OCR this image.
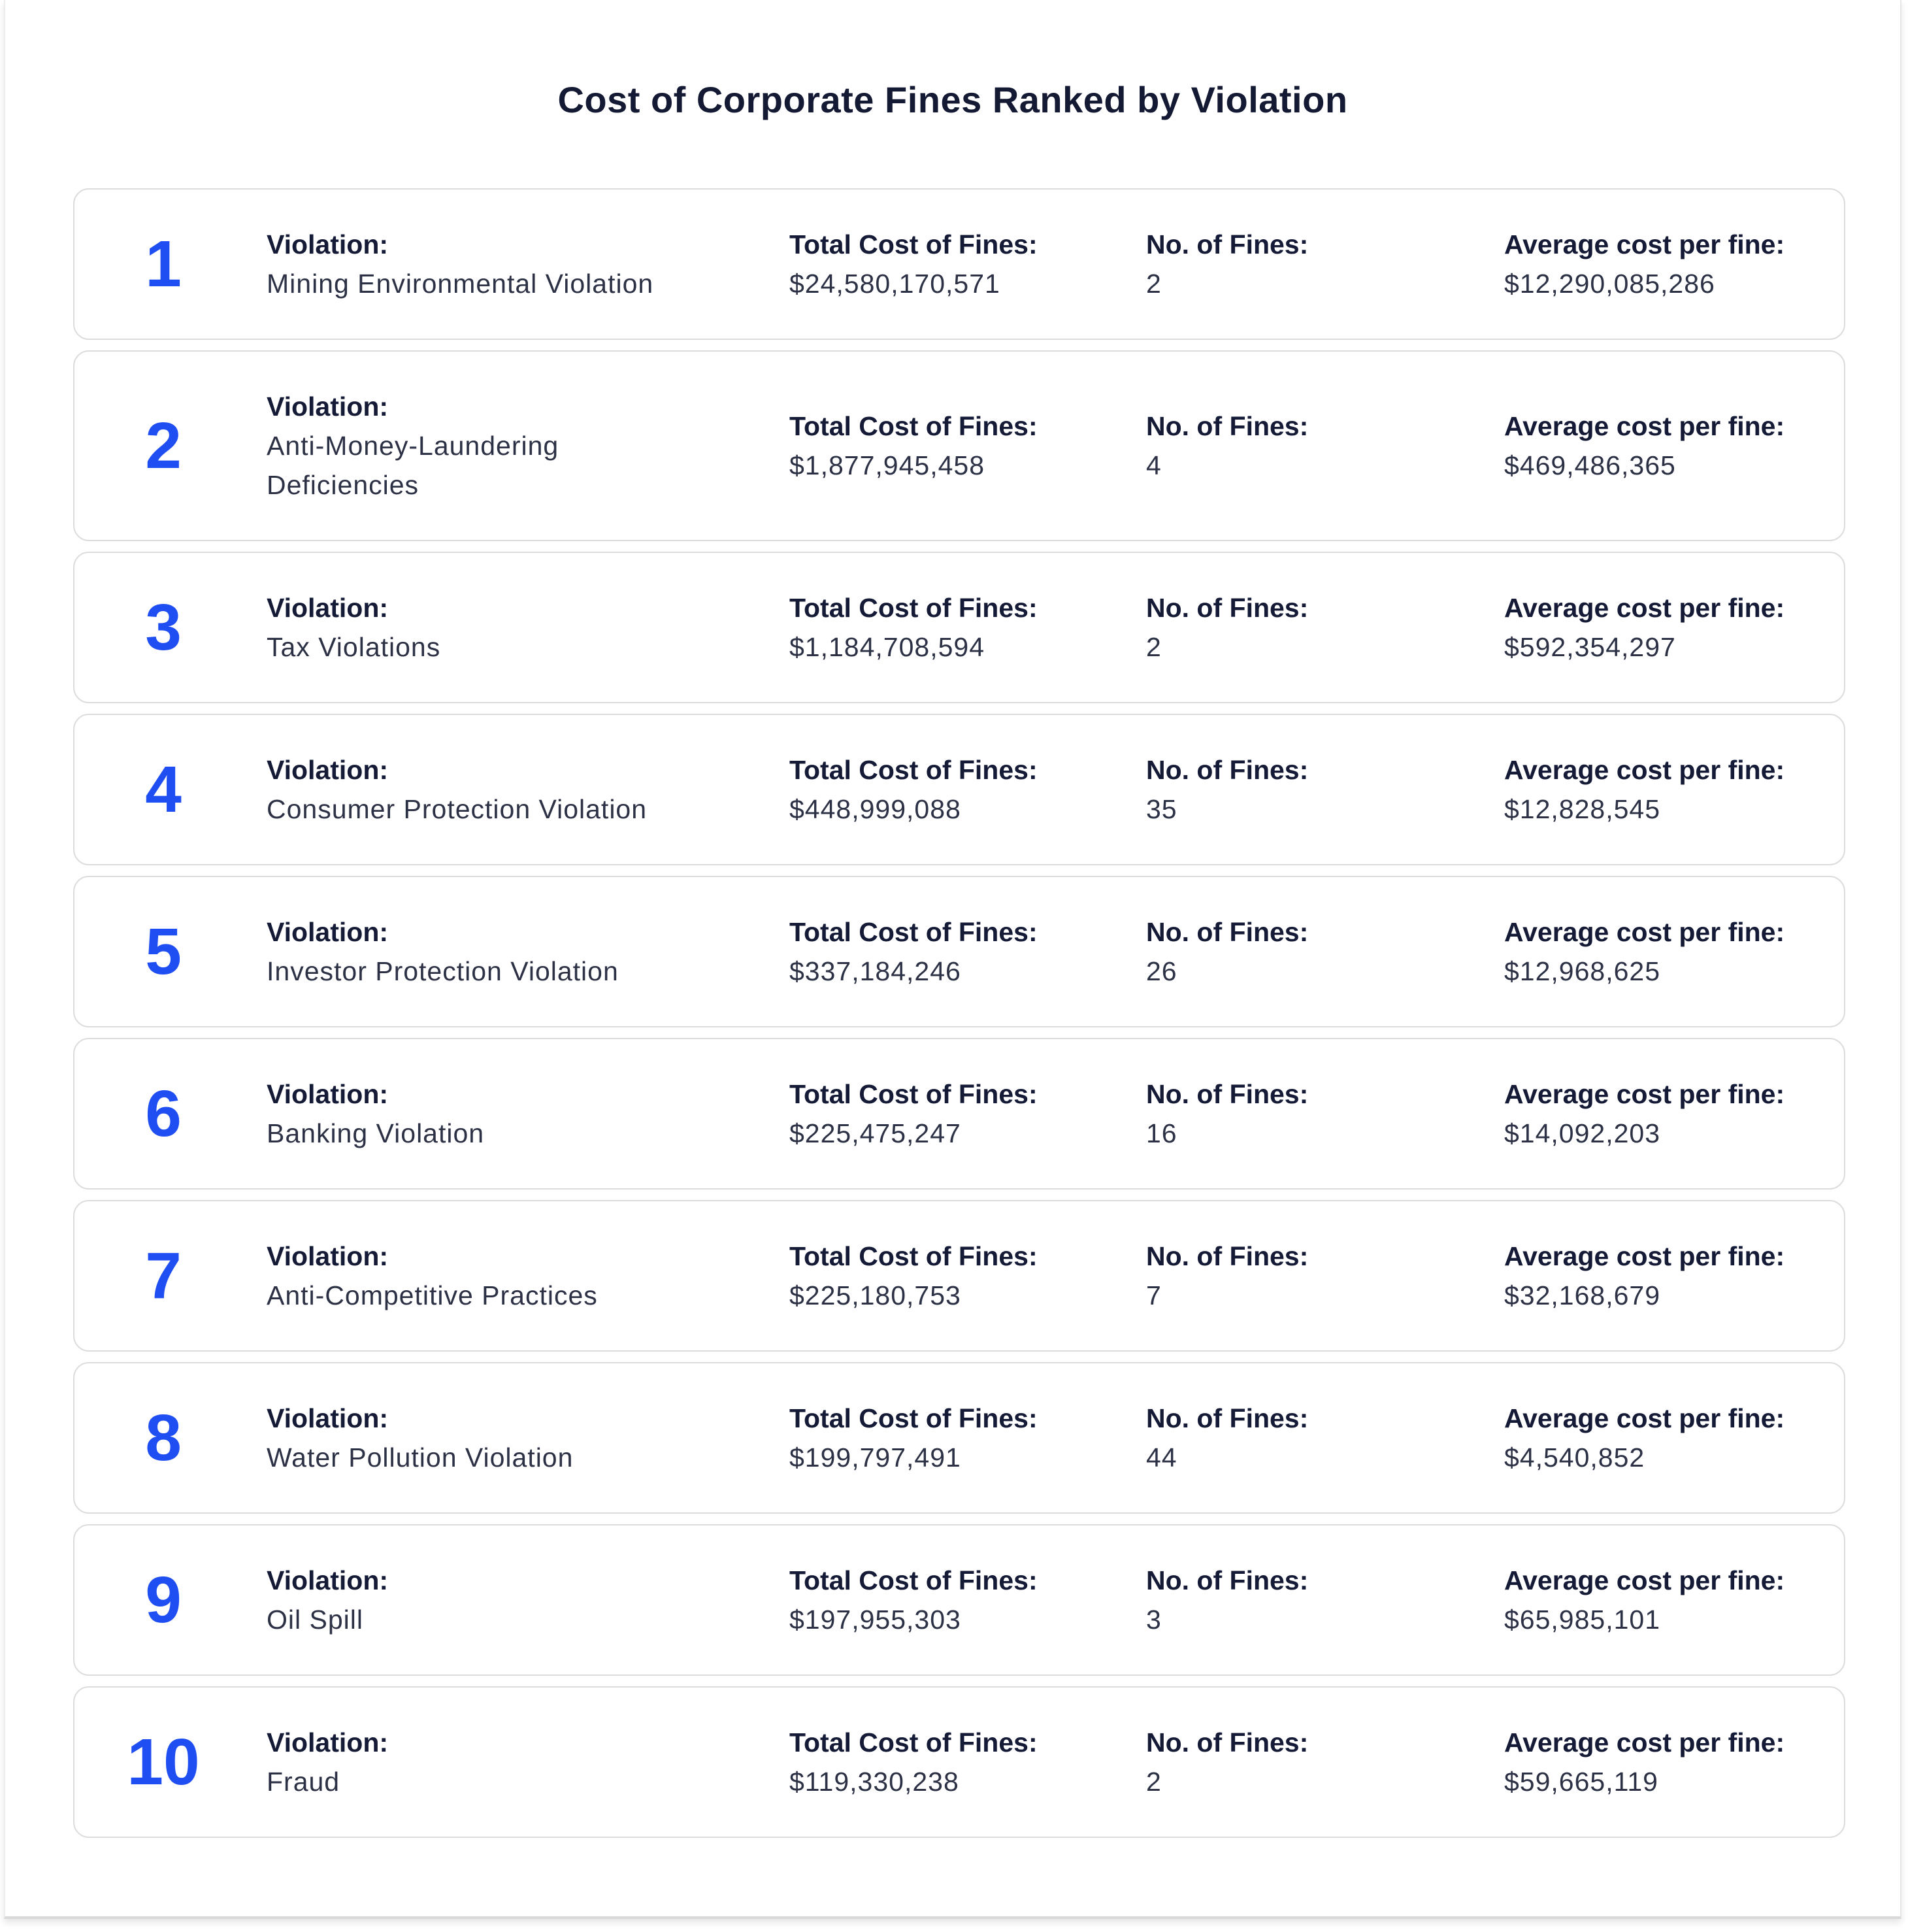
Cost of Corporate Fines Ranked by Violation
1	Violation:
Mining Environmental Violation
Total Cost of Fines:
$24,580,170,571
No. of Fines:
2
Average cost per fine:
$12,290,085,286
2
Violation:
Anti-Money-Laundering Deficiencies
Total Cost of Fines:
$1,877,945,458
No. of Fines:
4
Average cost per fine:
$469,486,365
3	Violation:
Tax Violations
Total Cost of Fines:
$1,184,708,594
No. of Fines:
2
Average cost per fine:
$592,354,297
4	Violation:
Consumer Protection Violation
Total Cost of Fines:
$448,999,088
No. of Fines:
35
Average cost per fine:
$12,828,545
5	Violation:
Investor Protection Violation
Total Cost of Fines:
$337,184,246
No. of Fines:
26
Average cost per fine:
$12,968,625
6	Violation:
Banking Violation
Total Cost of Fines:
$225,475,247
No. of Fines:
16
Average cost per fine:
$14,092,203
7	Violation:
Anti-Competitive Practices
Total Cost of Fines:
$225,180,753
No. of Fines:
7
Average cost per fine:
$32,168,679
8	Violation:
Water Pollution Violation
Total Cost of Fines:
$199,797,491
No. of Fines:
44
Average cost per fine:
$4,540,852
9	Violation:
Oil Spill
Total Cost of Fines:
$197,955,303
No. of Fines:
3
Average cost per fine:
$65,985,101
10	Violation:
Fraud
Total Cost of Fines:
$119,330,238
No. of Fines:
2
Average cost per fine:
$59,665,119
